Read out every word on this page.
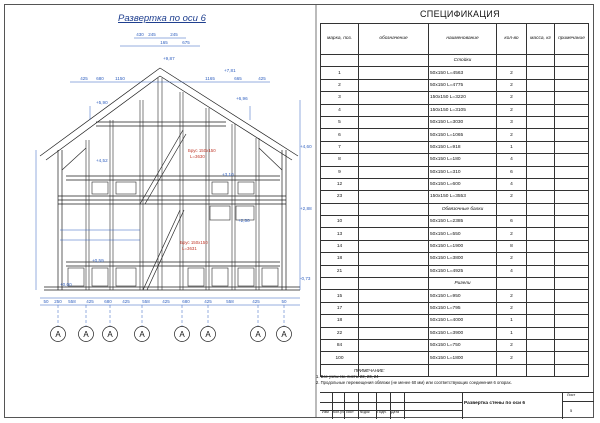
А	А А	А	А	А	А	А
430 245
165
245
675
1165	665
425 680	1150	425
50 250 558 425 680 425	558	425	680	425	558	425	50
+9,87
+7,81
+6,96
+5,90
+4,52
+4,60
+3,10
+2,50
+0,59
+0,00
+2,88
-0,73
Брус 150х150
L=3630
Брус 150х150
L=3631
Развертка по оси 6	СПЕЦИФИКАЦИЯ
марка, поз.	обозначение	наименование	кол-во	масса, кг	примечание
		Стойки			
1		50х150 L=4563	2		
2		50х150 L=4775	2		
3		150х150 L=3220	2		
4		150х150 L=3105	2		
5		50х150 L=3030	3		
6		50х150 L=1065	2		
7		50х150 L=918	1		
8		50х150 L=180	4		
9		50х150 L=310	6		
12		50х150 L=600	4		
23		150х150 L=3553	2		
		Обвязочные балки			
10		50х150 L=2385	6		
13		50х150 L=550	2		
14		50х150 L=1900	8		
18		50х150 L=3800	2		
21		50х150 L=4925	4		
		Ригели			
15		50х150 L=950	2		
17		50х150 L=795	2		
18		50х150 L=4000	1		
22		50х150 L=3900	1		
84		50х150 L=750	2		
100		50х150 L=1800	2		

ПРИМЕЧАНИЕ:
1. Все узлы см. листы 22, 23, 24
2. Продольные перемещения обвязки (не менее 60 мм) или соответствующих соединения 6 опорах.
Изм Кол.уч Лист №док Подп. Дата
Развертка стены по оси 6
Лист
5
